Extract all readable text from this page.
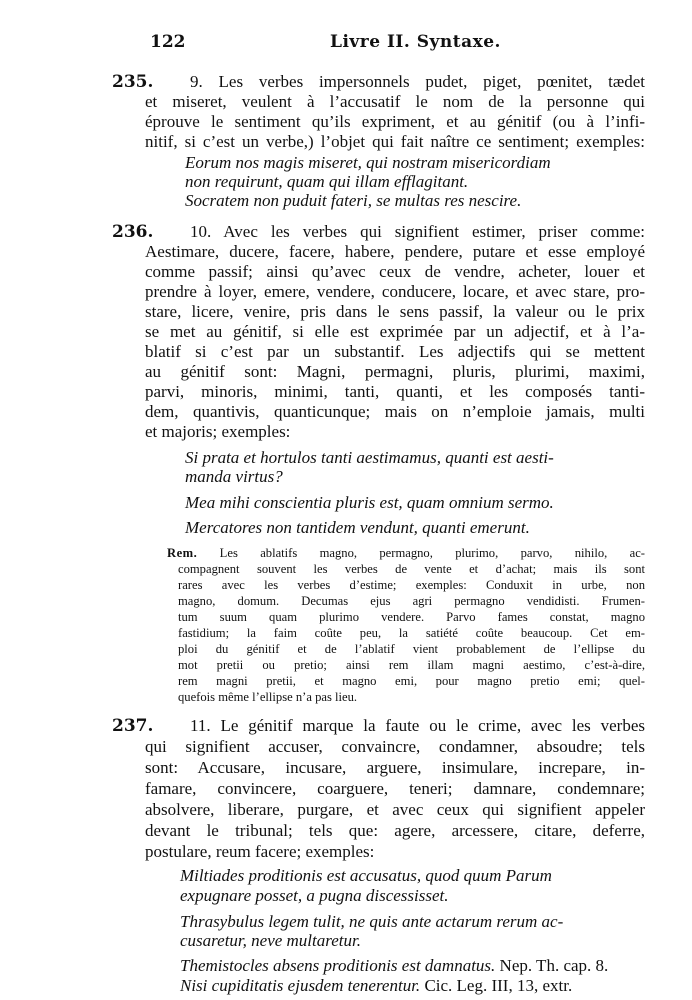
122	Livre II. Syntaxe.
235. 9. Les verbes impersonnels pudet, piget, pœnitet, tædet
et miseret, veulent à l’accusatif le nom de la personne qui
éprouve le sentiment qu’ils expriment, et au génitif (ou à l’infi-
nitif, si c’est un verbe,) l’objet qui fait naître ce sentiment; exemples:
Eorum nos magis miseret, qui nostram misericordiam
non requirunt, quam qui illam efflagitant.
Socratem non puduit fateri, se multas res nescire.
236. 10. Avec les verbes qui signifient estimer, priser comme:
Aestimare, ducere, facere, habere, pendere, putare et esse employé
comme passif; ainsi qu’avec ceux de vendre, acheter, louer et
prendre à loyer, emere, vendere, conducere, locare, et avec stare, pro-
stare, licere, venire, pris dans le sens passif, la valeur ou le prix
se met au génitif, si elle est exprimée par un adjectif, et à l’a-
blatif si c’est par un substantif. Les adjectifs qui se mettent
au génitif sont: Magni, permagni, pluris, plurimi, maximi,
parvi, minoris, minimi, tanti, quanti, et les composés tanti-
dem, quantivis, quanticunque; mais on n’emploie jamais, multi
et majoris; exemples:
Si prata et hortulos tanti aestimamus, quanti est aesti-
manda virtus?
Mea mihi conscientia pluris est, quam omnium sermo.
Mercatores non tantidem vendunt, quanti emerunt.
Rem. Les ablatifs magno, permagno, plurimo, parvo, nihilo, ac-
compagnent souvent les verbes de vente et d’achat; mais ils sont
rares avec les verbes d’estime; exemples: Conduxit in urbe, non
magno, domum. Decumas ejus agri permagno vendidisti. Frumen-
tum suum quam plurimo vendere. Parvo fames constat, magno
fastidium; la faim coûte peu, la satiété coûte beaucoup. Cet em-
ploi du génitif et de l’ablatif vient probablement de l’ellipse du
mot pretii ou pretio; ainsi rem illam magni aestimo, c’est-à-dire,
rem magni pretii, et magno emi, pour magno pretio emi; quel-
quefois même l’ellipse n’a pas lieu.
237. 11. Le génitif marque la faute ou le crime, avec les verbes
qui signifient accuser, convaincre, condamner, absoudre; tels
sont: Accusare, incusare, arguere, insimulare, increpare, in-
famare, convincere, coarguere, teneri; damnare, condemnare;
absolvere, liberare, purgare, et avec ceux qui signifient appeler
devant le tribunal; tels que: agere, arcessere, citare, deferre,
postulare, reum facere; exemples:
Miltiades proditionis est accusatus, quod quum Parum
expugnare posset, a pugna discessisset.
Thrasybulus legem tulit, ne quis ante actarum rerum ac-
cusaretur, neve multaretur.
Themistocles absens proditionis est damnatus. Nep. Th. cap. 8.
Nisi cupiditatis ejusdem tenerentur. Cic. Leg. III, 13, extr.
